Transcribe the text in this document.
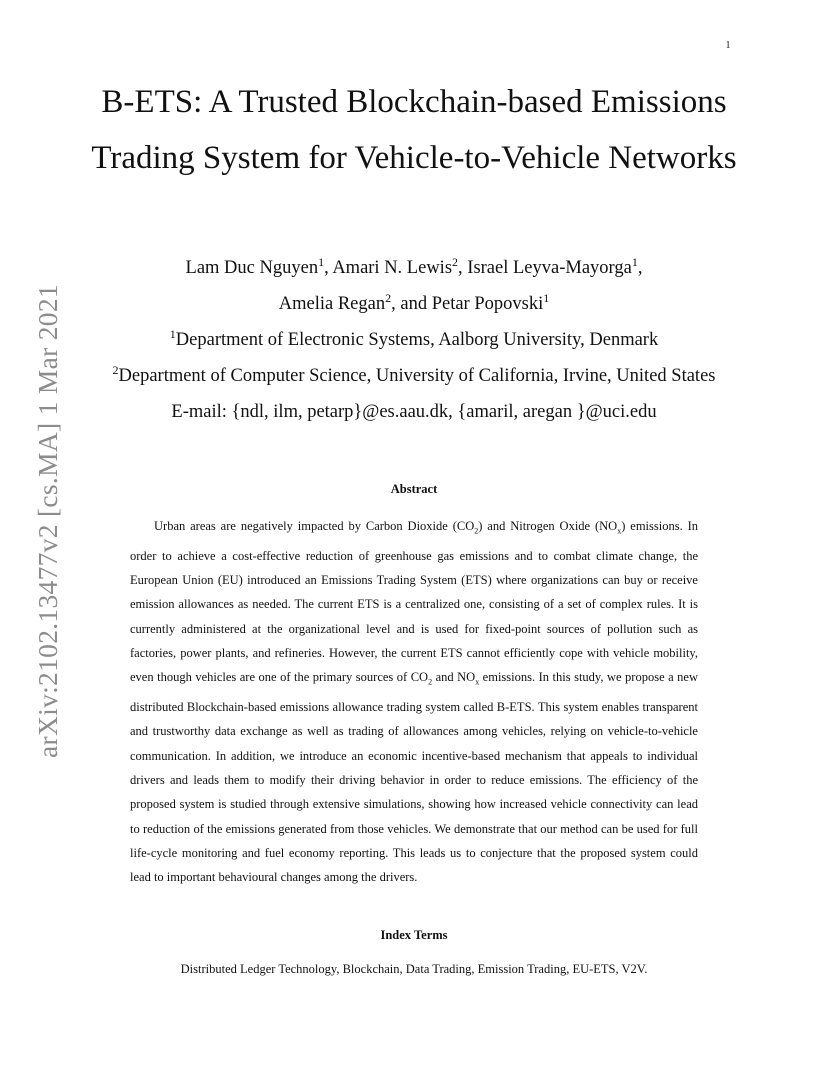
1
arXiv:2102.13477v2 [cs.MA] 1 Mar 2021
B-ETS: A Trusted Blockchain-based Emissions Trading System for Vehicle-to-Vehicle Networks
Lam Duc Nguyen$^1$, Amari N. Lewis$^2$, Israel Leyva-Mayorga$^1$,
Amelia Regan$^2$, and Petar Popovski$^1$
$^1$Department of Electronic Systems, Aalborg University, Denmark
$^2$Department of Computer Science, University of California, Irvine, United States
E-mail: {ndl, ilm, petarp}@es.aau.dk, {amaril, aregan }@uci.edu
Abstract

Urban areas are negatively impacted by Carbon Dioxide $(CO_2)$ and Nitrogen Oxide $(NO_x)$ emissions. In order to achieve a cost-effective reduction of greenhouse gas emissions and to combat climate change, the European Union (EU) introduced an Emissions Trading System (ETS) where organizations can buy or receive emission allowances as needed. The current ETS is a centralized one, consisting of a set of complex rules. It is currently administered at the organizational level and is used for fixed-point sources of pollution such as factories, power plants, and refineries. However, the current ETS cannot efficiently cope with vehicle mobility, even though vehicles are one of the primary sources of $CO_2$ and $NO_x$ emissions. In this study, we propose a new distributed Blockchain-based emissions allowance trading system called B-ETS. This system enables transparent and trustworthy data exchange as well as trading of allowances among vehicles, relying on vehicle-to-vehicle communication. In addition, we introduce an economic incentive-based mechanism that appeals to individual drivers and leads them to modify their driving behavior in order to reduce emissions. The efficiency of the proposed system is studied through extensive simulations, showing how increased vehicle connectivity can lead to reduction of the emissions generated from those vehicles. We demonstrate that our method can be used for full life-cycle monitoring and fuel economy reporting. This leads us to conjecture that the proposed system could lead to important behavioural changes among the drivers.

Index Terms
Distributed Ledger Technology, Blockchain, Data Trading, Emission Trading, EU-ETS, V2V.
